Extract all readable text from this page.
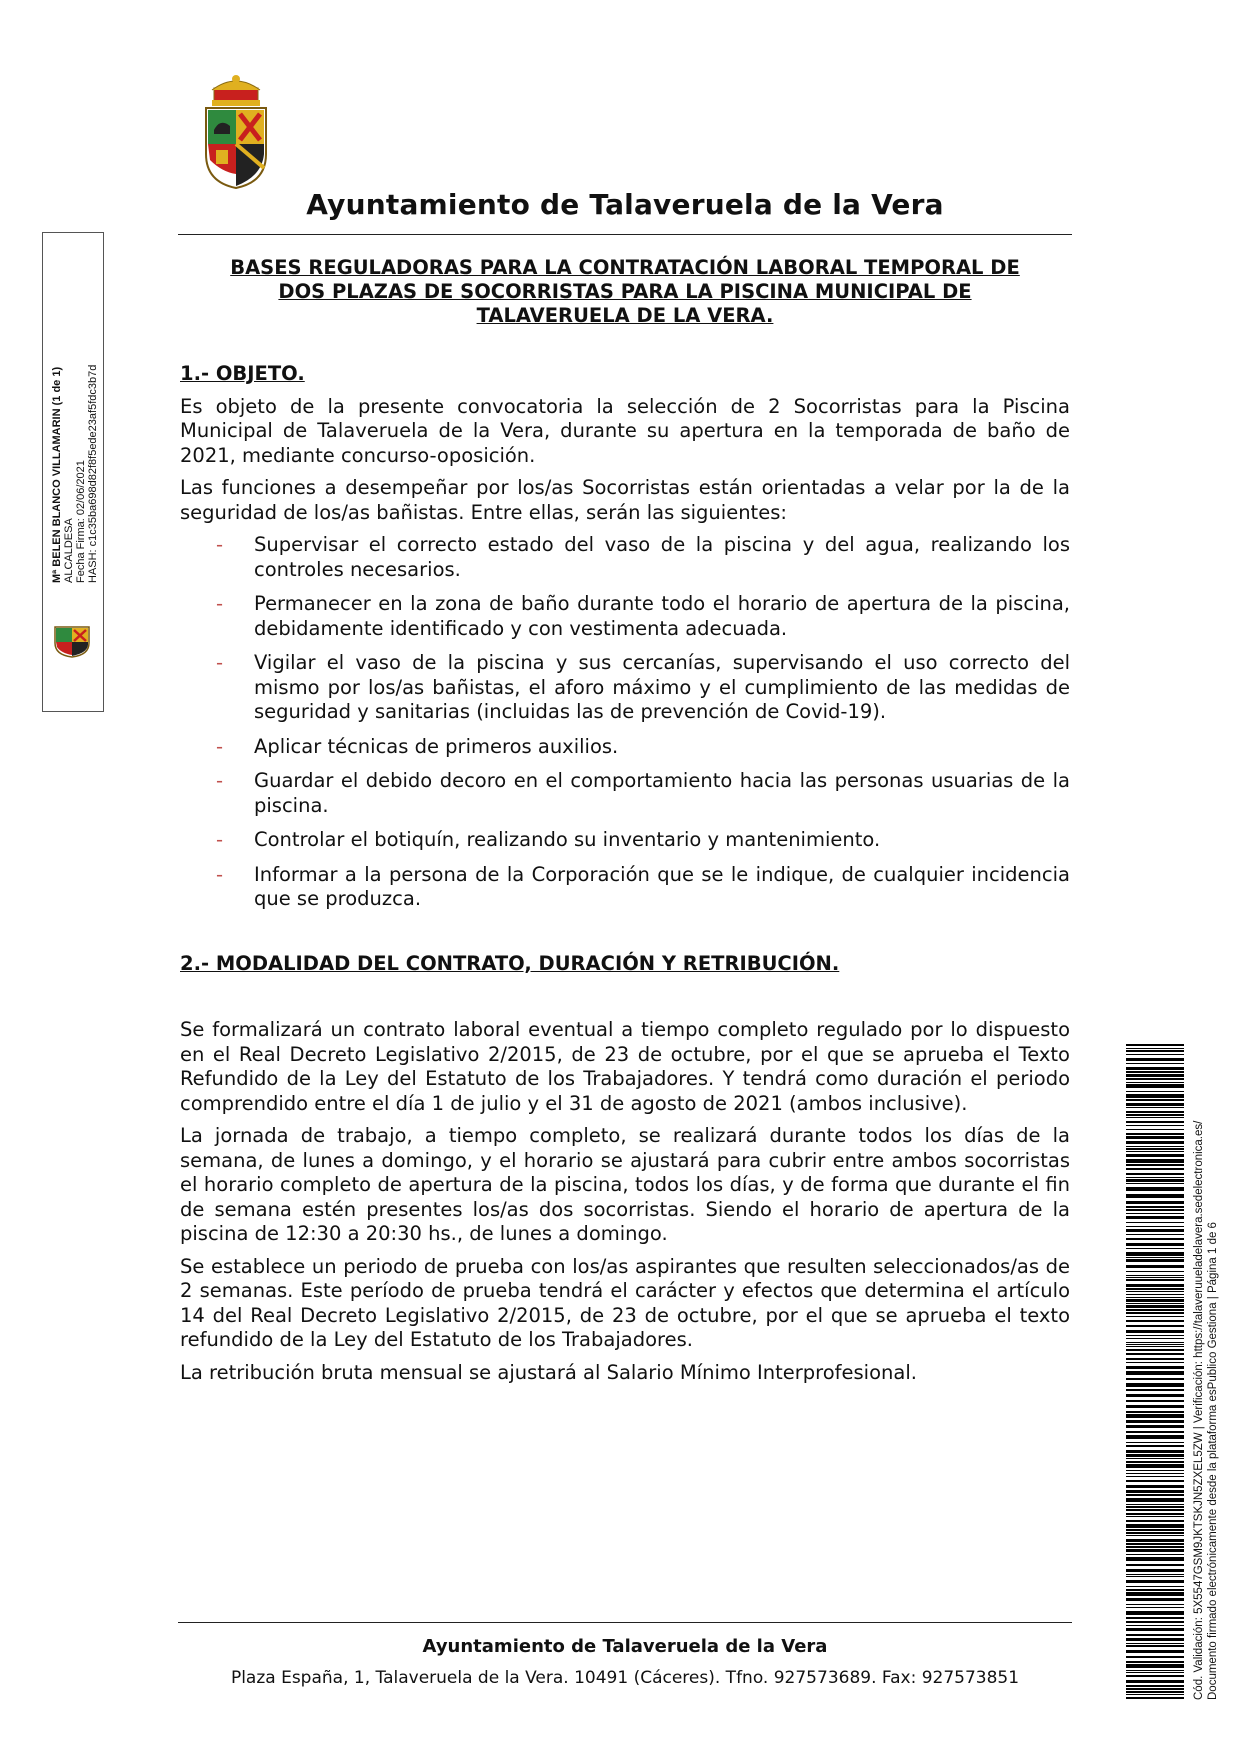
Ayuntamiento de Talaveruela de la Vera
BASES REGULADORAS PARA LA CONTRATACIÓN LABORAL TEMPORAL DE
DOS PLAZAS DE SOCORRISTAS PARA LA PISCINA MUNICIPAL DE
TALAVERUELA DE LA VERA.
1.- OBJETO.

Es objeto de la presente convocatoria la selección de 2 Socorristas para la Piscina Municipal de Talaveruela de la Vera, durante su apertura en la temporada de baño de 2021, mediante concurso-oposición.

Las funciones a desempeñar por los/as Socorristas están orientadas a velar por la de la seguridad de los/as bañistas. Entre ellas, serán las siguientes:

- Supervisar el correcto estado del vaso de la piscina y del agua, realizando los controles necesarios.
- Permanecer en la zona de baño durante todo el horario de apertura de la piscina, debidamente identificado y con vestimenta adecuada.
- Vigilar el vaso de la piscina y sus cercanías, supervisando el uso correcto del mismo por los/as bañistas, el aforo máximo y el cumplimiento de las medidas de seguridad y sanitarias (incluidas las de prevención de Covid-19).
- Aplicar técnicas de primeros auxilios.
- Guardar el debido decoro en el comportamiento hacia las personas usuarias de la piscina.
- Controlar el botiquín, realizando su inventario y mantenimiento.
- Informar a la persona de la Corporación que se le indique, de cualquier incidencia que se produzca.
2.- MODALIDAD DEL CONTRATO, DURACIÓN Y RETRIBUCIÓN.

Se formalizará un contrato laboral eventual a tiempo completo regulado por lo dispuesto en el Real Decreto Legislativo 2/2015, de 23 de octubre, por el que se aprueba el Texto Refundido de la Ley del Estatuto de los Trabajadores. Y tendrá como duración el periodo comprendido entre el día 1 de julio y el 31 de agosto de 2021 (ambos inclusive).

La jornada de trabajo, a tiempo completo, se realizará durante todos los días de la semana, de lunes a domingo, y el horario se ajustará para cubrir entre ambos socorristas el horario completo de apertura de la piscina, todos los días, y de forma que durante el fin de semana estén presentes los/as dos socorristas. Siendo el horario de apertura de la piscina de 12:30 a 20:30 hs., de lunes a domingo.

Se establece un periodo de prueba con los/as aspirantes que resulten seleccionados/as de 2 semanas. Este período de prueba tendrá el carácter y efectos que determina el artículo 14 del Real Decreto Legislativo 2/2015, de 23 de octubre, por el que se aprueba el texto refundido de la Ley del Estatuto de los Trabajadores.

La retribución bruta mensual se ajustará al Salario Mínimo Interprofesional.

Ayuntamiento de Talaveruela de la Vera
Plaza España, 1, Talaveruela de la Vera. 10491 (Cáceres). Tfno. 927573689. Fax: 927573851
Mª BELEN BLANCO VILLAMARIN (1 de 1) ALCALDESA Fecha Firma: 02/06/2021 HASH: c1c35ba698d82f8f5ede23af5fdc3b7d
Cód. Validación: 5X5547GSM9JKTSKJN5ZXEL5ZW | Verificación: https://talaveruueladelavera.sedelectronica.es/ Documento firmado electrónicamente desde la plataforma esPublico Gestiona | Página 1 de 6
